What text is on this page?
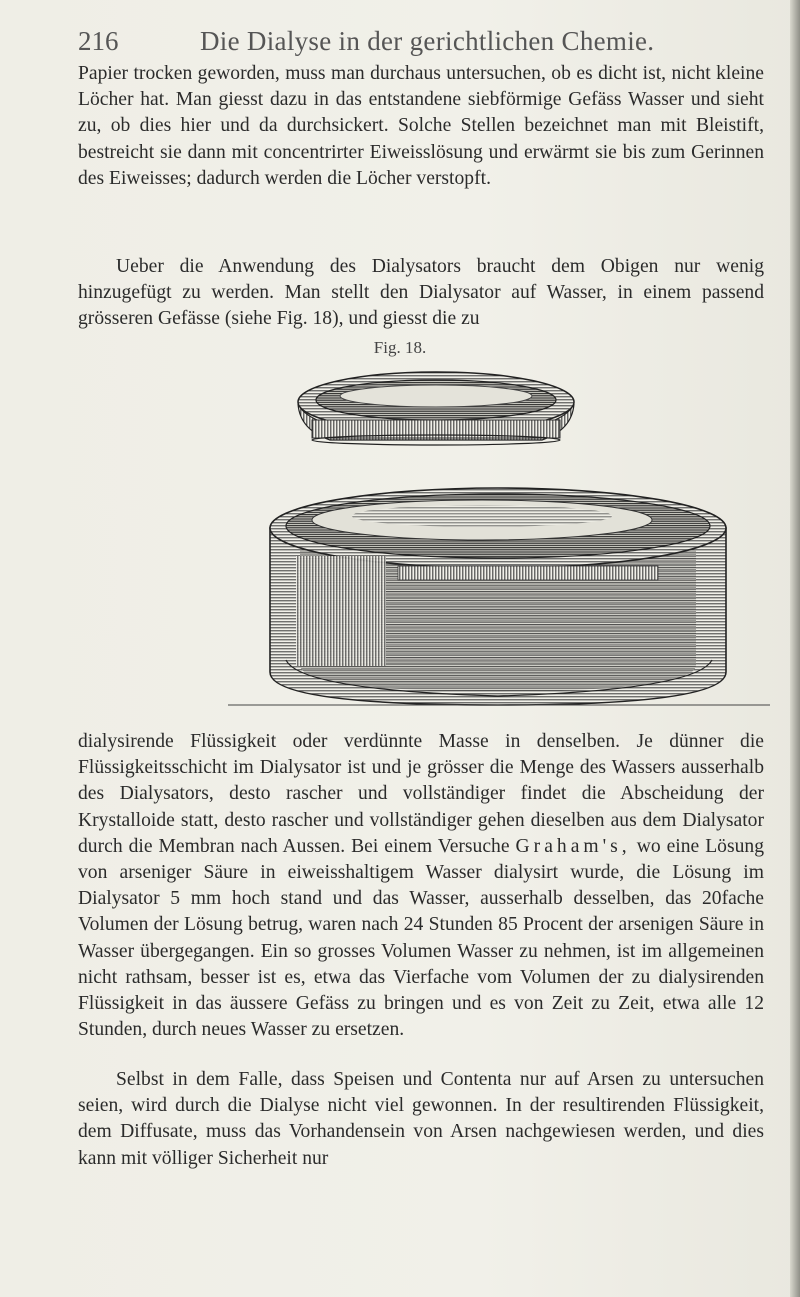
216	Die Dialyse in der gerichtlichen Chemie.

Papier trocken geworden, muss man durchaus untersuchen, ob es dicht ist, nicht kleine Löcher hat. Man giesst dazu in das entstandene siebförmige Gefäss Wasser und sieht zu, ob dies hier und da durchsickert. Solche Stellen bezeichnet man mit Bleistift, bestreicht sie dann mit concentrirter Eiweisslösung und erwärmt sie bis zum Gerinnen des Eiweisses; dadurch werden die Löcher verstopft.

Ueber die Anwendung des Dialysators braucht dem Obigen nur wenig hinzugefügt zu werden. Man stellt den Dialysator auf Wasser, in einem passend grösseren Gefässe (siehe Fig. 18), und giesst die zu

Fig. 18.

dialysirende Flüssigkeit oder verdünnte Masse in denselben. Je dünner die Flüssigkeitsschicht im Dialysator ist und je grösser die Menge des Wassers ausserhalb des Dialysators, desto rascher und vollständiger findet die Abscheidung der Krystalloide statt, desto rascher und vollständiger gehen dieselben aus dem Dialysator durch die Membran nach Aussen. Bei einem Versuche Graham's, wo eine Lösung von arseniger Säure in eiweisshaltigem Wasser dialysirt wurde, die Lösung im Dialysator 5 mm hoch stand und das Wasser, ausserhalb desselben, das 20fache Volumen der Lösung betrug, waren nach 24 Stunden 85 Procent der arsenigen Säure in Wasser übergegangen. Ein so grosses Volumen Wasser zu nehmen, ist im allgemeinen nicht rathsam, besser ist es, etwa das Vierfache vom Volumen der zu dialysirenden Flüssigkeit in das äussere Gefäss zu bringen und es von Zeit zu Zeit, etwa alle 12 Stunden, durch neues Wasser zu ersetzen.

Selbst in dem Falle, dass Speisen und Contenta nur auf Arsen zu untersuchen seien, wird durch die Dialyse nicht viel gewonnen. In der resultirenden Flüssigkeit, dem Diffusate, muss das Vorhandensein von Arsen nachgewiesen werden, und dies kann mit völliger Sicherheit nur
